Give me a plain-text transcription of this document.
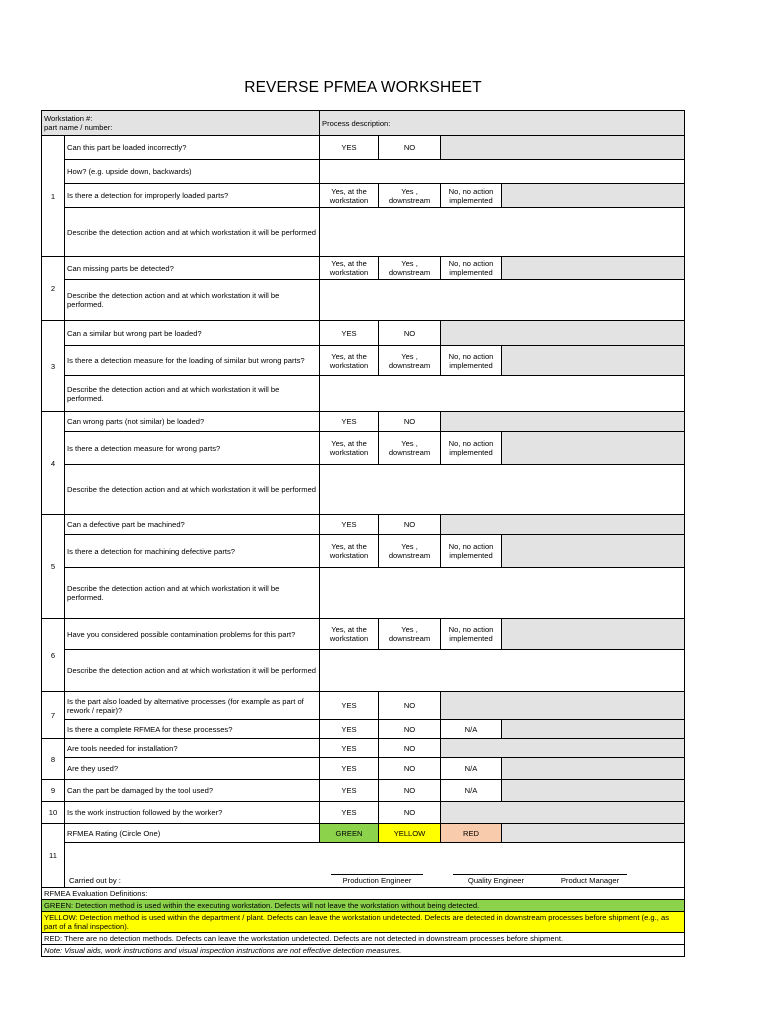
REVERSE PFMEA WORKSHEET
Workstation #:
part name / number:		Process description:			
1	Can this part be loaded incorrectly?	YES	NO		
	How? (e.g. upside down, backwards)				
	Is there a detection for improperly loaded parts?	Yes, at the workstation	Yes , downstream	No, no action implemented	
	Describe the detection action and at which workstation it will be performed				
2	Can missing parts be detected?	Yes, at the workstation	Yes , downstream	No, no action implemented	
	Describe the detection action and at which workstation it will be performed.				
3	Can a similar but wrong part be loaded?	YES	NO		
	Is there a detection measure for the loading of similar but wrong parts?	Yes, at the workstation	Yes , downstream	No, no action implemented	
	Describe the detection action and at which workstation it will be performed.				
4	Can wrong parts (not similar) be loaded?	YES	NO		
	Is there a detection measure for wrong parts?	Yes, at the workstation	Yes , downstream	No, no action implemented	
	Describe the detection action and at which workstation it will be performed				
5	Can a defective part be machined?	YES	NO		
	Is there a detection for machining defective parts?	Yes, at the workstation	Yes , downstream	No, no action implemented	
	Describe the detection action and at which workstation it will be performed.				
6	Have you considered possible contamination problems for this part?	Yes, at the workstation	Yes , downstream	No, no action implemented	
	Describe the detection action and at which workstation it will be performed				
7	Is the part also loaded by alternative processes (for example as part of rework / repair)?	YES	NO		
	Is there a complete RFMEA for these processes?	YES	NO	N/A	
8	Are tools needed for installation?	YES	NO		
	Are they used?	YES	NO	N/A	
9	Can the part be damaged by the tool used?	YES	NO	N/A	
10	Is the work instruction followed by the worker?	YES	NO		
11	RFMEA Rating (Circle One)	GREEN	YELLOW	RED	

	Carried out by : Production Engineer Quality Engineer Product Manager				

RFMEA Evaluation Definitions:					
GREEN: Detection method is used within the executing workstation. Defects will not leave the workstation without being detected.					
YELLOW: Detection method is used within the department / plant. Defects can leave the workstation undetected. Defects are detected in downstream processes before shipment (e.g., as part of a final inspection).					
RED: There are no detection methods. Defects can leave the workstation undetected. Defects are not detected in downstream processes before shipment.					
Note: Visual aids, work instructions and visual inspection instructions are not effective detection measures.					
